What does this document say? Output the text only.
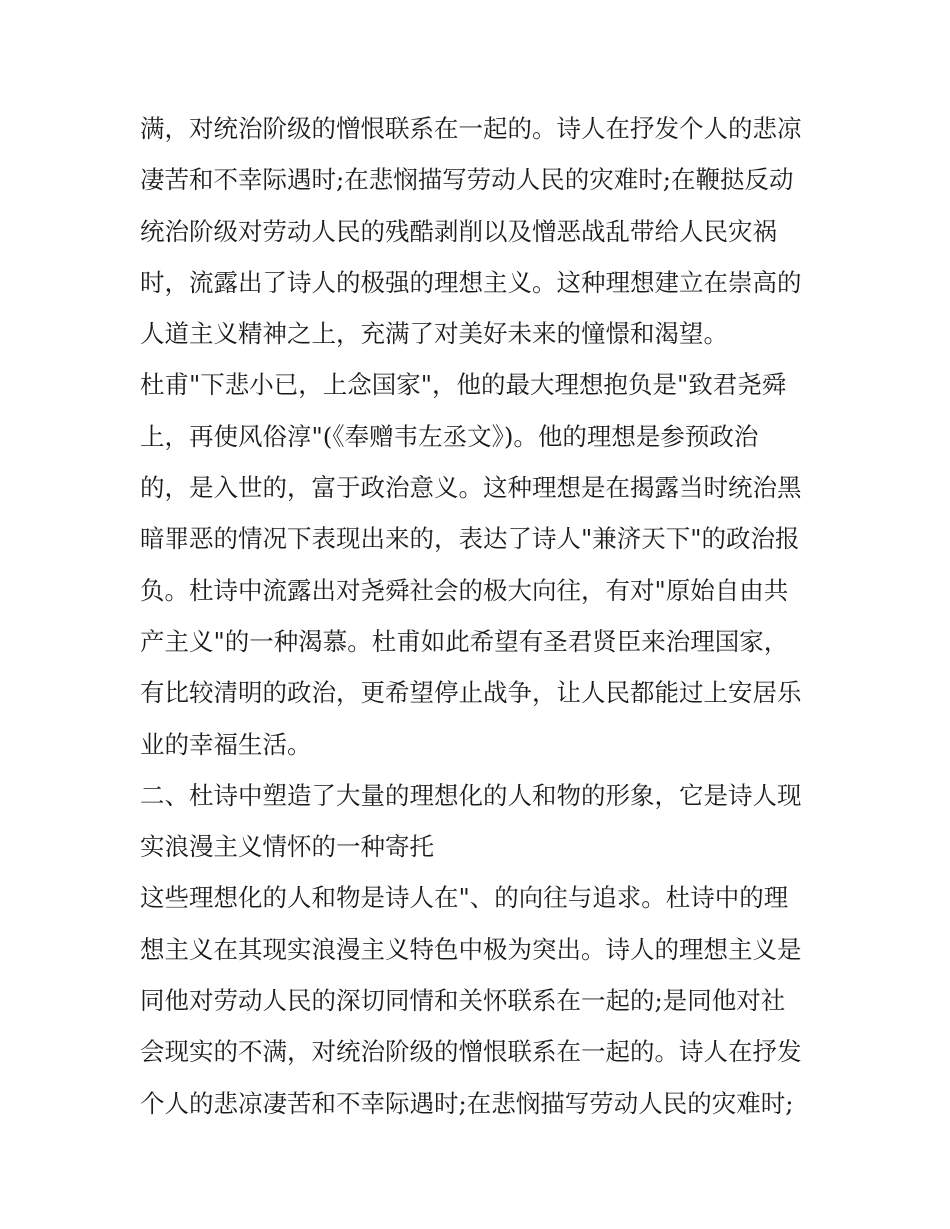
满，对统治阶级的憎恨联系在一起的。诗人在抒发个人的悲凉
凄苦和不幸际遇时;在悲悯描写劳动人民的灾难时;在鞭挞反动
统治阶级对劳动人民的残酷剥削以及憎恶战乱带给人民灾祸
时，流露出了诗人的极强的理想主义。这种理想建立在崇高的
人道主义精神之上，充满了对美好未来的憧憬和渴望。
杜甫"下悲小已，上念国家"，他的最大理想抱负是"致君尧舜
上，再使风俗淳"(《奉赠韦左丞文》)。他的理想是参预政治
的，是入世的，富于政治意义。这种理想是在揭露当时统治黑
暗罪恶的情况下表现出来的，表达了诗人"兼济天下"的政治报
负。杜诗中流露出对尧舜社会的极大向往，有对"原始自由共
产主义"的一种渴慕。杜甫如此希望有圣君贤臣来治理国家，
有比较清明的政治，更希望停止战争，让人民都能过上安居乐
业的幸福生活。
二、杜诗中塑造了大量的理想化的人和物的形象，它是诗人现
实浪漫主义情怀的一种寄托
这些理想化的人和物是诗人在"、的向往与追求。杜诗中的理
想主义在其现实浪漫主义特色中极为突出。诗人的理想主义是
同他对劳动人民的深切同情和关怀联系在一起的;是同他对社
会现实的不满，对统治阶级的憎恨联系在一起的。诗人在抒发
个人的悲凉凄苦和不幸际遇时;在悲悯描写劳动人民的灾难时;
